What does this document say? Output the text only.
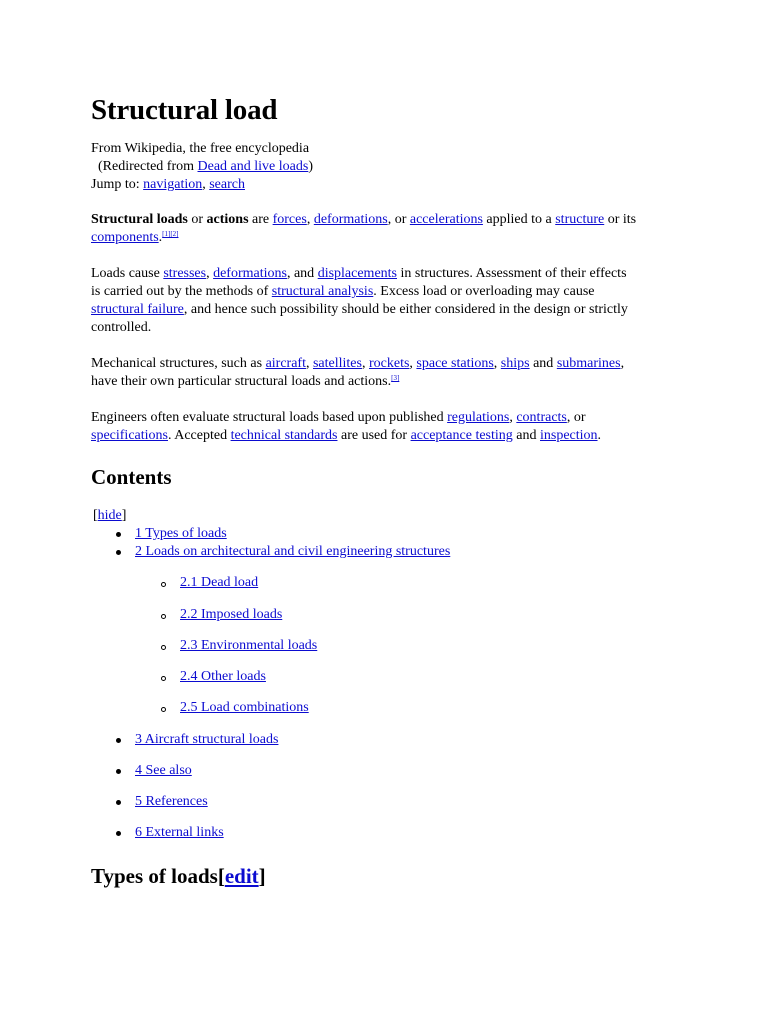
Structural load
From Wikipedia, the free encyclopedia
(Redirected from Dead and live loads)
Jump to: navigation, search

Structural loads or actions are forces, deformations, or accelerations applied to a structure or its
components.[1][2]

Loads cause stresses, deformations, and displacements in structures. Assessment of their effects
is carried out by the methods of structural analysis. Excess load or overloading may cause
structural failure, and hence such possibility should be either considered in the design or strictly
controlled.

Mechanical structures, such as aircraft, satellites, rockets, space stations, ships and submarines,
have their own particular structural loads and actions.[3]

Engineers often evaluate structural loads based upon published regulations, contracts, or
specifications. Accepted technical standards are used for acceptance testing and inspection.

Contents
[hide]
1 Types of loads
2 Loads on architectural and civil engineering structures
2.1 Dead load
2.2 Imposed loads
2.3 Environmental loads
2.4 Other loads
2.5 Load combinations
3 Aircraft structural loads
4 See also
5 References
6 External links
Types of loads[edit]
